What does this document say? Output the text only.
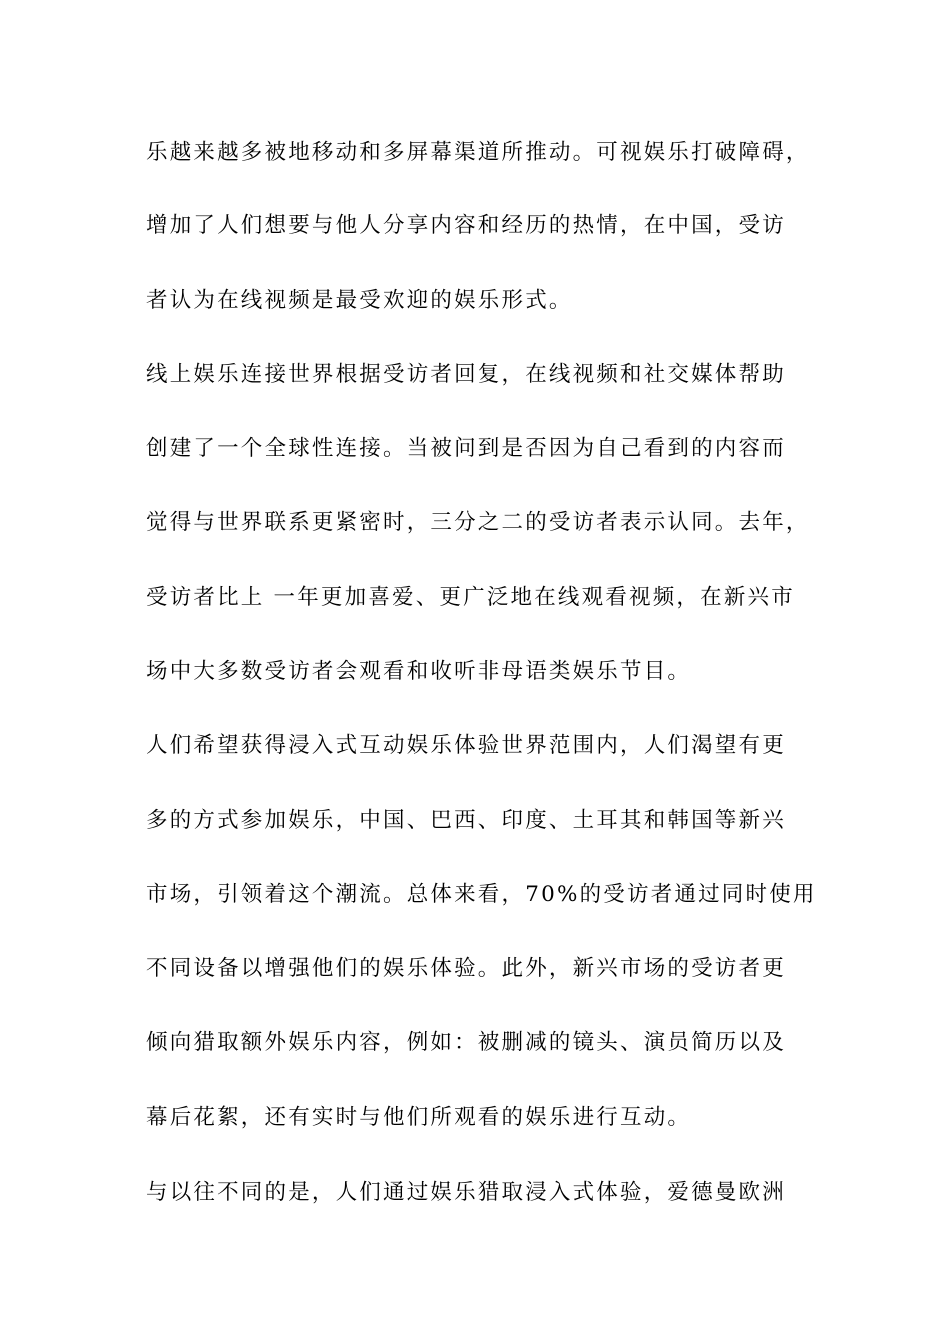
乐越来越多被地移动和多屏幕渠道所推动。可视娱乐打破障碍，
增加了人们想要与他人分享内容和经历的热情，在中国，受访
者认为在线视频是最受欢迎的娱乐形式。
线上娱乐连接世界根据受访者回复，在线视频和社交媒体帮助
创建了一个全球性连接。当被问到是否因为自己看到的内容而
觉得与世界联系更紧密时，三分之二的受访者表示认同。去年，
受访者比上 一年更加喜爱、更广泛地在线观看视频，在新兴市
场中大多数受访者会观看和收听非母语类娱乐节目。
人们希望获得浸入式互动娱乐体验世界范围内，人们渴望有更
多的方式参加娱乐，中国、巴西、印度、土耳其和韩国等新兴
市场，引领着这个潮流。总体来看，70%的受访者通过同时使用
不同设备以增强他们的娱乐体验。此外，新兴市场的受访者更
倾向猎取额外娱乐内容，例如：被删减的镜头、演员简历以及
幕后花絮，还有实时与他们所观看的娱乐进行互动。
与以往不同的是，人们通过娱乐猎取浸入式体验，爱德曼欧洲
